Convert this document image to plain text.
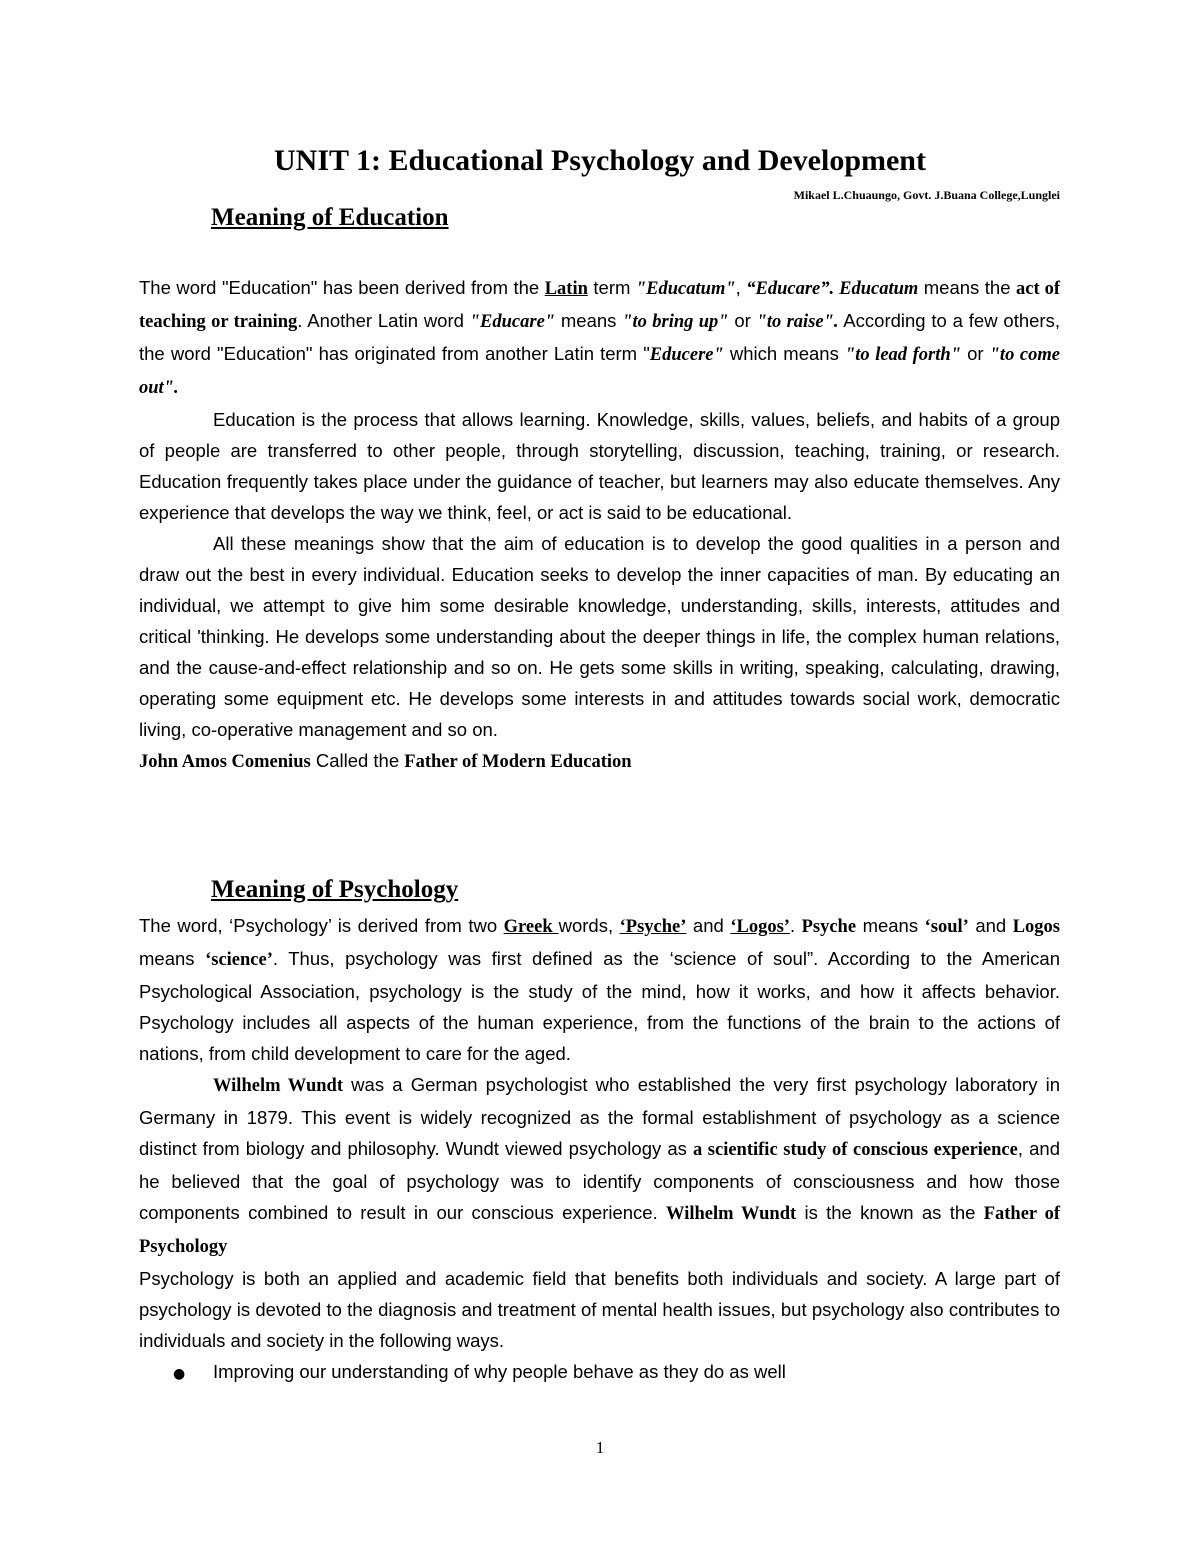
UNIT 1: Educational Psychology and Development
Mikael L.Chuaungo, Govt. J.Buana College,Lunglei
Meaning of Education

The word "Education" has been derived from the Latin term "Educatum", “Educare”. Educatum means the act of teaching or training. Another Latin word "Educare" means "to bring up" or "to raise". According to a few others, the word "Education" has originated from another Latin term "Educere" which means "to lead forth" or "to come out".

Education is the process that allows learning. Knowledge, skills, values, beliefs, and habits of a group of people are transferred to other people, through storytelling, discussion, teaching, training, or research. Education frequently takes place under the guidance of teacher, but learners may also educate themselves. Any experience that develops the way we think, feel, or act is said to be educational.

All these meanings show that the aim of education is to develop the good qualities in a person and draw out the best in every individual. Education seeks to develop the inner capacities of man. By educating an individual, we attempt to give him some desirable knowledge, understanding, skills, interests, attitudes and critical 'thinking. He develops some understanding about the deeper things in life, the complex human relations, and the cause-and-effect relationship and so on. He gets some skills in writing, speaking, calculating, drawing, operating some equipment etc. He develops some interests in and attitudes towards social work, democratic living, co-operative management and so on.

John Amos Comenius Called the Father of Modern Education

Meaning of Psychology

The word, ‘Psychology’ is derived from two Greek words, ‘Psyche’ and ‘Logos’. Psyche means ‘soul’ and Logos means ‘science’. Thus, psychology was first defined as the ‘science of soul”. According to the American Psychological Association, psychology is the study of the mind, how it works, and how it affects behavior. Psychology includes all aspects of the human experience, from the functions of the brain to the actions of nations, from child development to care for the aged.

Wilhelm Wundt was a German psychologist who established the very first psychology laboratory in Germany in 1879. This event is widely recognized as the formal establishment of psychology as a science distinct from biology and philosophy. Wundt viewed psychology as a scientific study of conscious experience, and he believed that the goal of psychology was to identify components of consciousness and how those components combined to result in our conscious experience. Wilhelm Wundt is the known as the Father of Psychology

Psychology is both an applied and academic field that benefits both individuals and society. A large part of psychology is devoted to the diagnosis and treatment of mental health issues, but psychology also contributes to individuals and society in the following ways.

●	Improving our understanding of why people behave as they do as well
1
